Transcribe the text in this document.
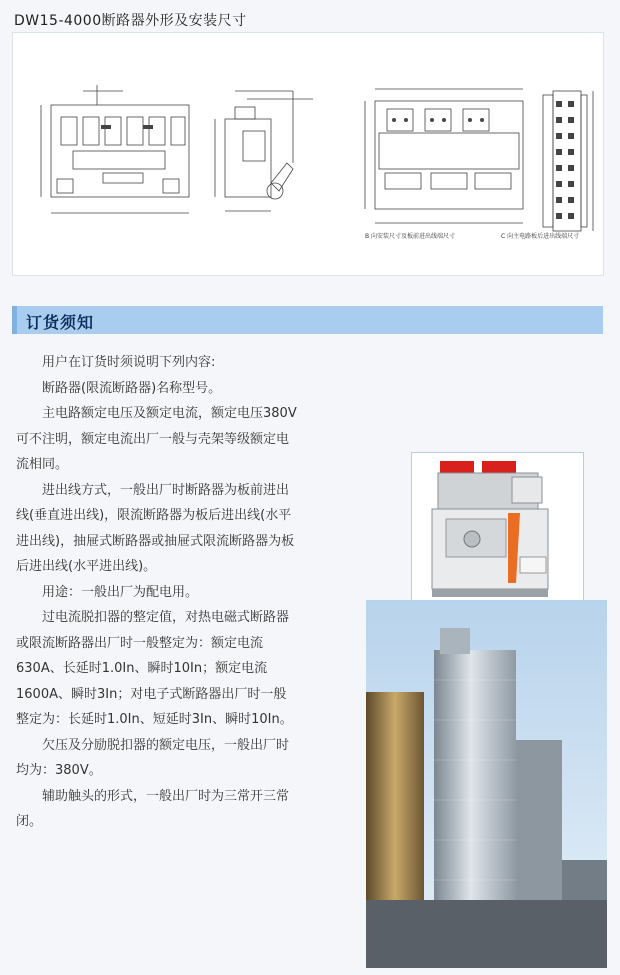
DW15-4000断路器外形及安装尺寸
B 向安装尺寸及板前进出线端尺寸	C 向主电路板后进出线端尺寸
订货须知

用户在订货时须说明下列内容:

断路器(限流断路器)名称型号。

主电路额定电压及额定电流，额定电压380V可不注明，额定电流出厂一般与壳架等级额定电流相同。

进出线方式，一般出厂时断路器为板前进出线(垂直进出线)，限流断路器为板后进出线(水平进出线)，抽屉式断路器或抽屉式限流断路器为板后进出线(水平进出线)。

用途：一般出厂为配电用。

过电流脱扣器的整定值，对热电磁式断路器或限流断路器出厂时一般整定为：额定电流630A、长延时1.0In、瞬时10In；额定电流1600A、瞬时3In；对电子式断路器出厂时一般整定为：长延时1.0In、短延时3In、瞬时10In。

欠压及分励脱扣器的额定电压，一般出厂时均为：380V。

辅助触头的形式，一般出厂时为三常开三常闭。
